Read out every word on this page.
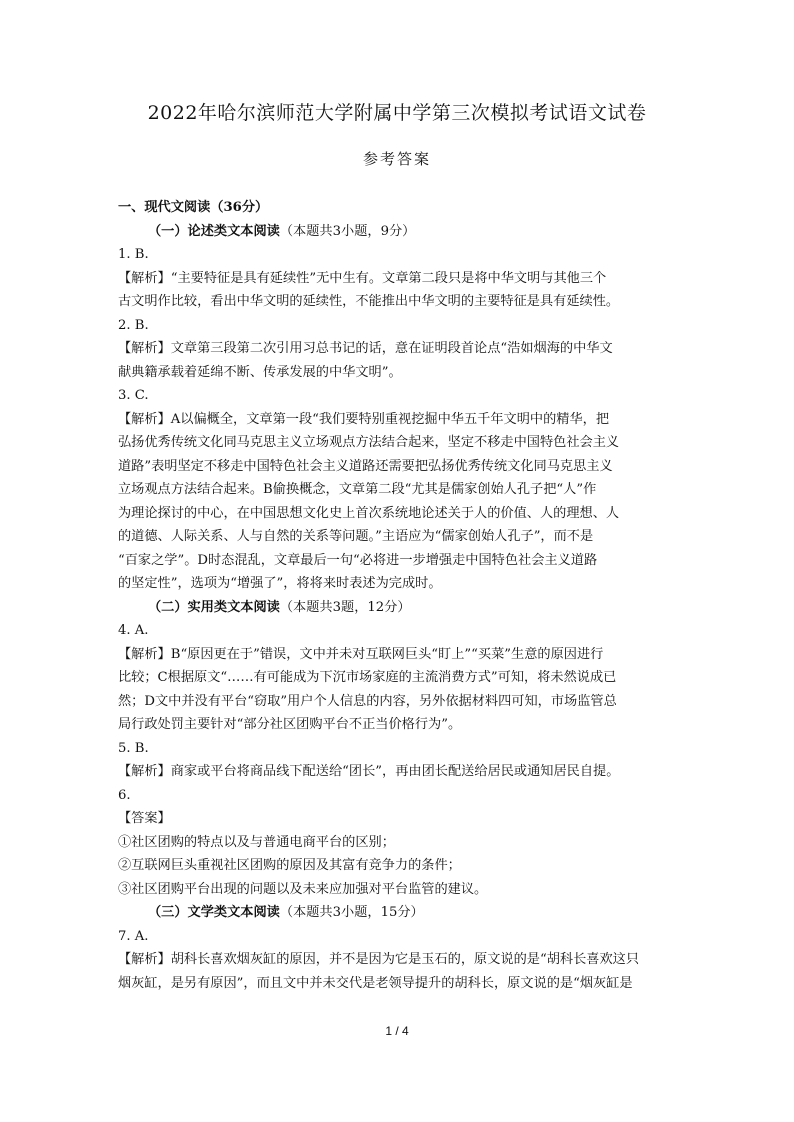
2022年哈尔滨师范大学附属中学第三次模拟考试语文试卷
参考答案
一、现代文阅读（36分）
（一）论述类文本阅读（本题共3小题，9分）
1. B.
【解析】“主要特征是具有延续性”无中生有。文章第二段只是将中华文明与其他三个
古文明作比较，看出中华文明的延续性，不能推出中华文明的主要特征是具有延续性。
2. B.
【解析】文章第三段第二次引用习总书记的话，意在证明段首论点“浩如烟海的中华文
献典籍承载着延绵不断、传承发展的中华文明”。
3. C.
【解析】A以偏概全，文章第一段“我们要特别重视挖掘中华五千年文明中的精华，把
弘扬优秀传统文化同马克思主义立场观点方法结合起来，坚定不移走中国特色社会主义
道路”表明坚定不移走中国特色社会主义道路还需要把弘扬优秀传统文化同马克思主义
立场观点方法结合起来。B偷换概念，文章第二段“尤其是儒家创始人孔子把“人”作
为理论探讨的中心，在中国思想文化史上首次系统地论述关于人的价值、人的理想、人
的道德、人际关系、人与自然的关系等问题。”主语应为“儒家创始人孔子”，而不是
“百家之学”。D时态混乱，文章最后一句“必将进一步增强走中国特色社会主义道路
的坚定性”，选项为“增强了”，将将来时表述为完成时。
（二）实用类文本阅读（本题共3题，12分）
4. A.
【解析】B“原因更在于”错误，文中并未对互联网巨头“盯上”“买菜”生意的原因进行
比较；C根据原文“……有可能成为下沉市场家庭的主流消费方式”可知，将未然说成已
然；D文中并没有平台“窃取”用户个人信息的内容，另外依据材料四可知，市场监管总
局行政处罚主要针对“部分社区团购平台不正当价格行为”。
5. B.
【解析】商家或平台将商品线下配送给“团长”，再由团长配送给居民或通知居民自提。
6.
【答案】
①社区团购的特点以及与普通电商平台的区别；
②互联网巨头重视社区团购的原因及其富有竞争力的条件；
③社区团购平台出现的问题以及未来应加强对平台监管的建议。
（三）文学类文本阅读（本题共3小题，15分）
7. A.
【解析】胡科长喜欢烟灰缸的原因，并不是因为它是玉石的，原文说的是“胡科长喜欢这只
烟灰缸，是另有原因”，而且文中并未交代是老领导提升的胡科长，原文说的是“烟灰缸是
1 / 4
